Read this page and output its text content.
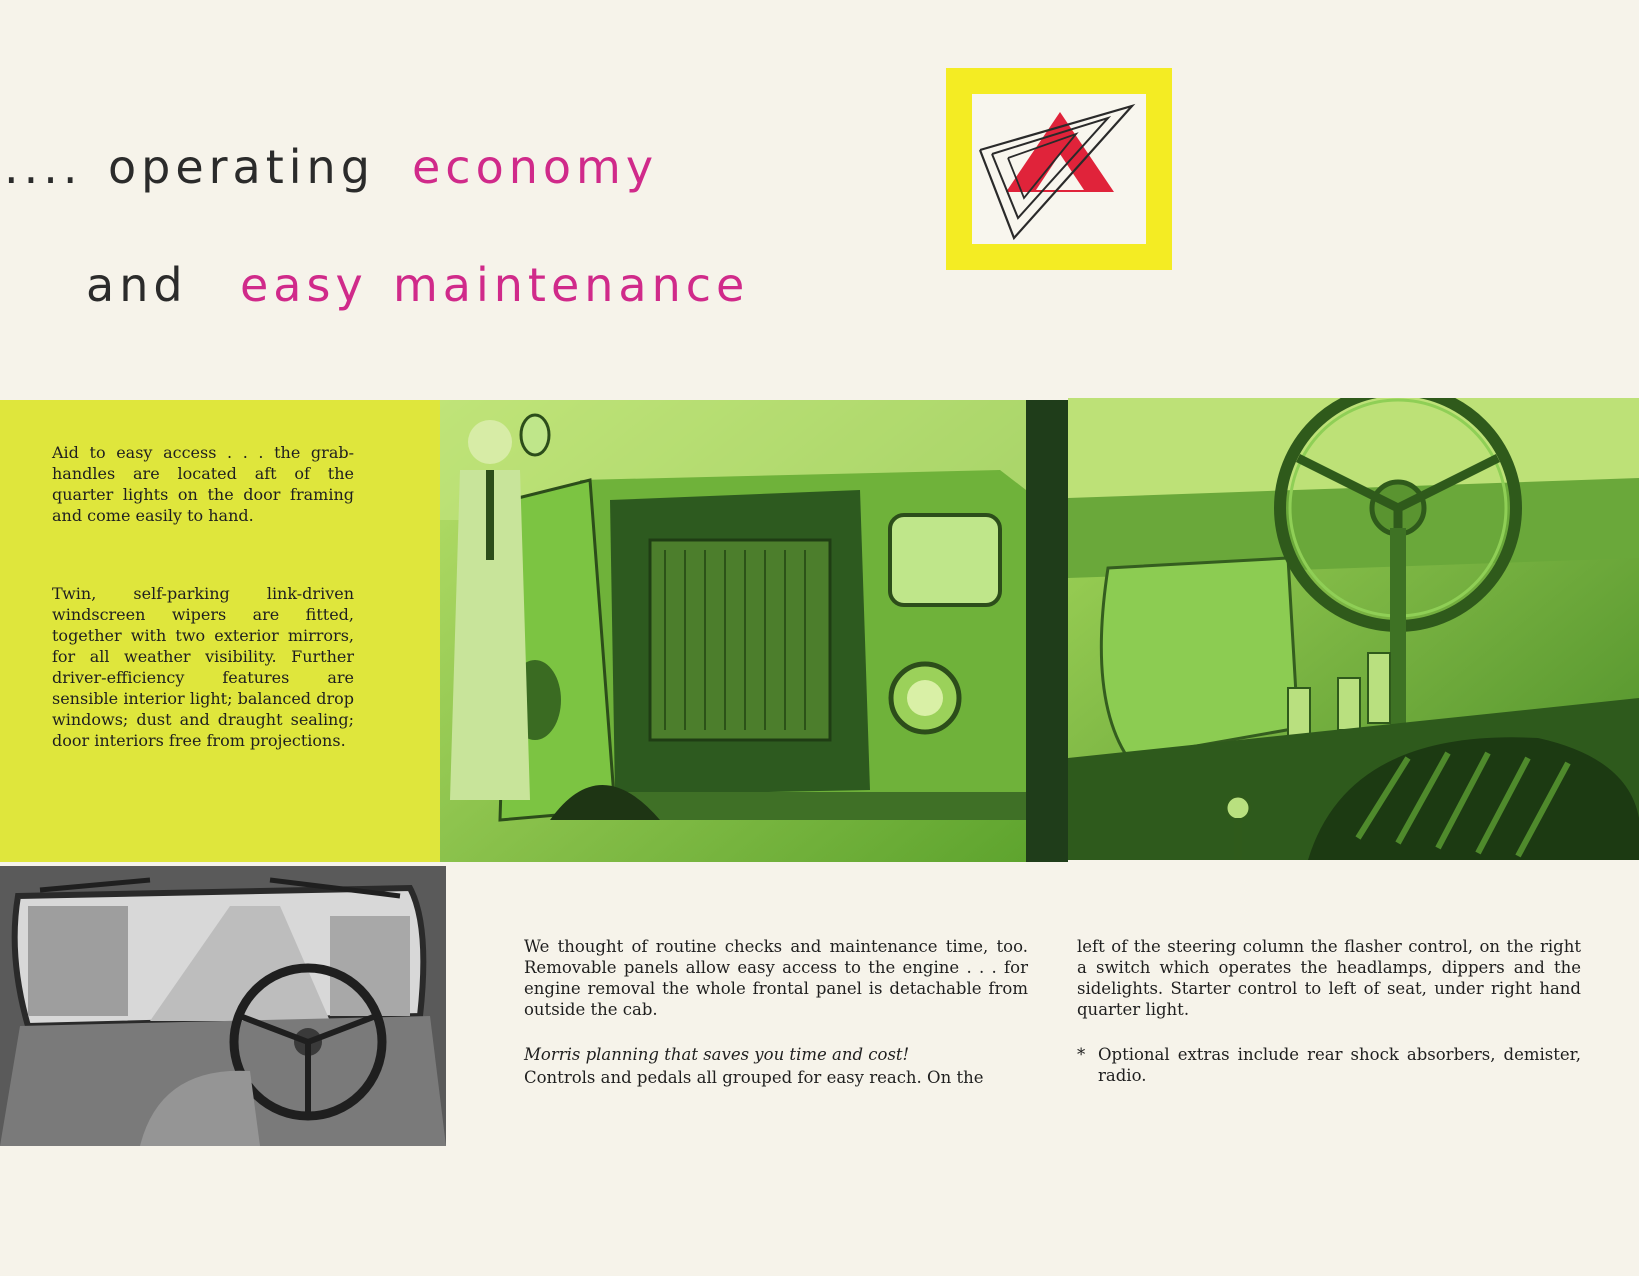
.... operating economy
and easy maintenance
Aid to easy access . . . the grab-handles are located aft of the quarter lights on the door framing and come easily to hand.
Twin, self-parking link-driven windscreen wipers are fitted, together with two exterior mirrors, for all weather visibility. Further driver-efficiency features are sensible interior light; balanced drop windows; dust and draught sealing; door interiors free from projections.
We thought of routine checks and maintenance time, too. Removable panels allow easy access to the engine . . . for engine removal the whole frontal panel is detachable from outside the cab.
Morris planning that saves you time and cost!
Controls and pedals all grouped for easy reach. On the
left of the steering column the flasher control, on the right a switch which operates the headlamps, dippers and the sidelights. Starter control to left of seat, under right hand quarter light.
* Optional extras include rear shock absorbers, demister, radio.
